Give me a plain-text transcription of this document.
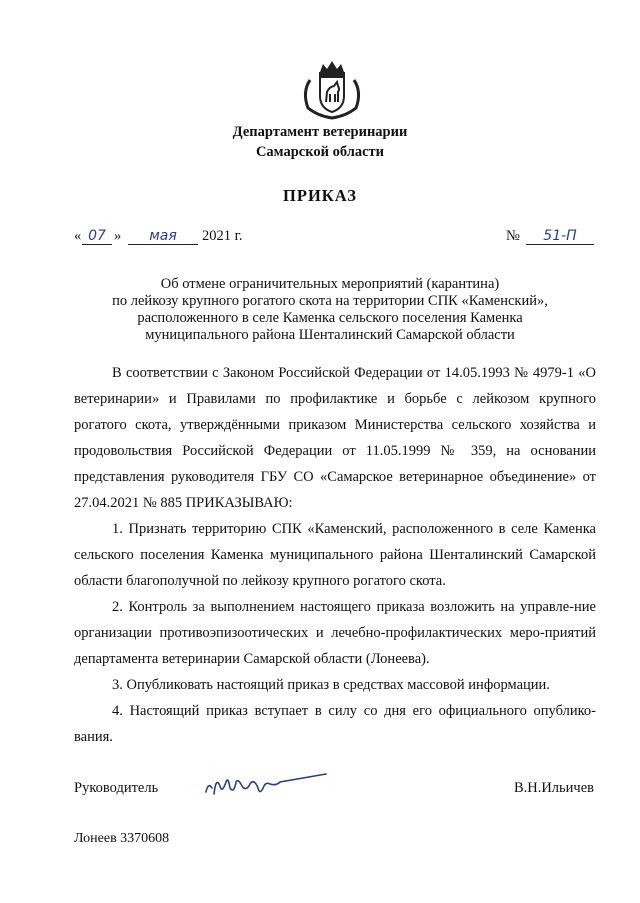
Департамент ветеринарии
Самарской области
ПРИКАЗ
« 07 »	мая	2021 г.	№	51-П
Об отмене ограничительных мероприятий (карантина)
по лейкозу крупного рогатого скота на территории СПК «Каменский»,
расположенного в селе Каменка сельского поселения Каменка
муниципального района Шенталинский Самарской области

В соответствии с Законом Российской Федерации от 14.05.1993 № 4979-1 «О ветеринарии» и Правилами по профилактике и борьбе с лейкозом крупного рогатого скота, утверждёнными приказом Министерства сельского хозяйства и продовольствия Российской Федерации от 11.05.1999 № 359, на основании представления руководителя ГБУ СО «Самарское ветеринарное объединение» от 27.04.2021 № 885 ПРИКАЗЫВАЮ:

1. Признать территорию СПК «Каменский, расположенного в селе Каменка сельского поселения Каменка муниципального района Шенталинский Самарской области благополучной по лейкозу крупного рогатого скота.

2. Контроль за выполнением настоящего приказа возложить на управле-ние организации противоэпизоотических и лечебно-профилактических меро-приятий департамента ветеринарии Самарской области (Лонеева).

3. Опубликовать настоящий приказ в средствах массовой информации.

4. Настоящий приказ вступает в силу со дня его официального опублико-вания.

Руководитель	В.Н.Ильичев
Лонеев 3370608
